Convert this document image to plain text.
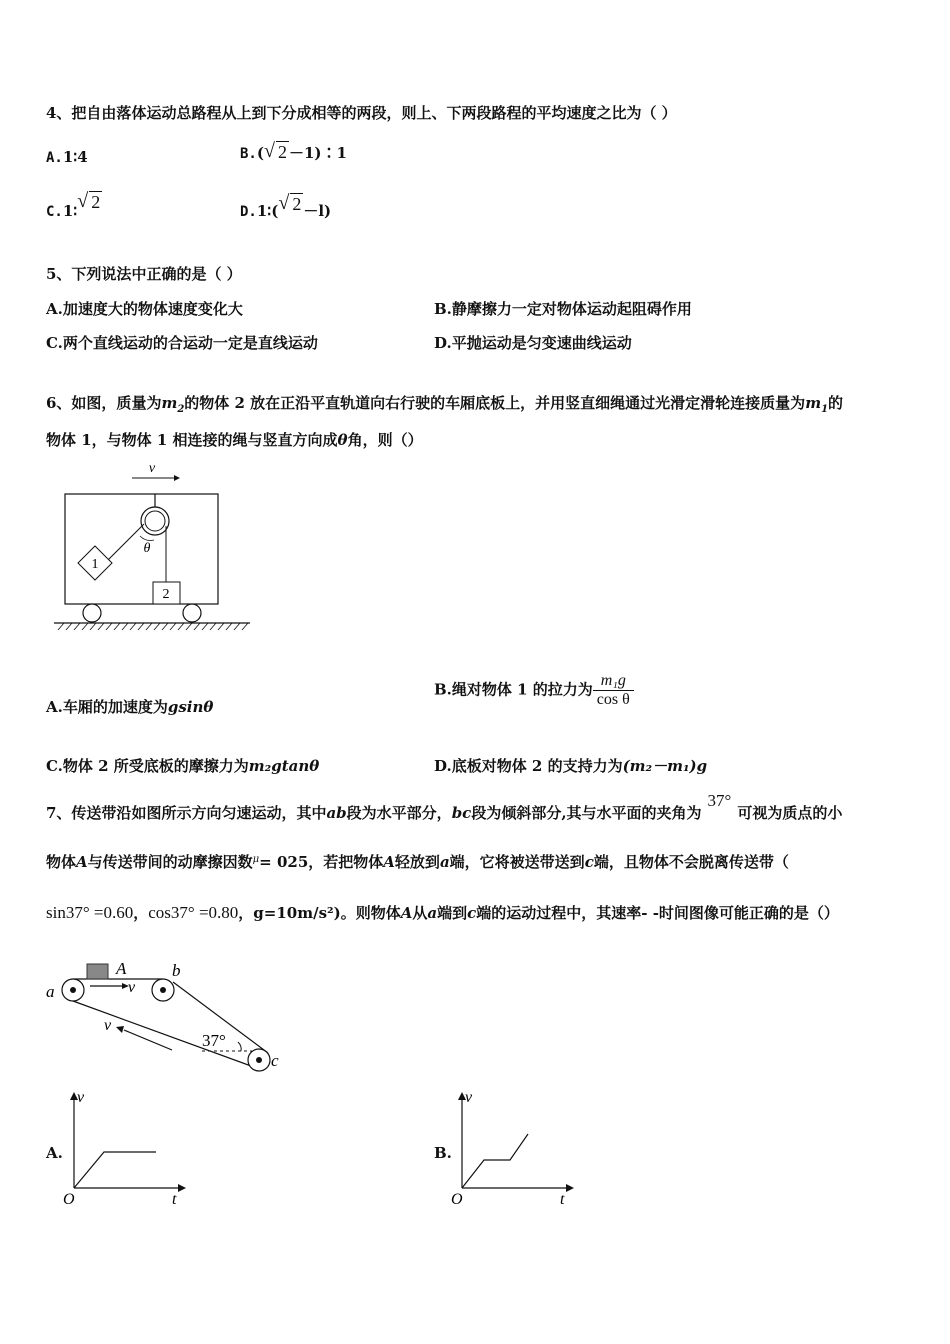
4、把自由落体运动总路程从上到下分成相等的两段，则上、下两段路程的平均速度之比为（ ）
A.1∶4	B.( √ 2 －1)∶1
C.1∶ √ 2	D.1∶( √ 2 －l)
5、下列说法中正确的是（ ）
A.加速度大的物体速度变化大	B.静摩擦力一定对物体运动起阻碍作用
C.两个直线运动的合运动一定是直线运动	D.平抛运动是匀变速曲线运动
6、如图，质量为$m_2$的物体 2 放在正沿平直轨道向右行驶的车厢底板上，并用竖直细绳通过光滑定滑轮连接质量为$m_1$的
物体 1，与物体 1 相连接的绳与竖直方向成θ角，则（）
v
θ
1
2
A.车厢的加速度为gsinθ
B.绳对物体 1 的拉力为 $\frac{\text{m₁g}}{\text{cos θ}}$
C.物体 2 所受底板的摩擦力为m₂gtanθ	D.底板对物体 2 的支持力为(m₂－m₁)g
7、传送带沿如图所示方向匀速运动，其中ab段为水平部分，bc段为倾斜部分,其与水平面的夹角为37°可视为质点的小
物体A与传送带间的动摩擦因数$^\mu$= 025，若把物体A轻放到a端，它将被送带送到c端，且物体不会脱离传送带（
sin37° =0.60，cos37° =0.80，g=10m/s²)。则物体A从a端到c端的运动过程中，其速率- -时间图像可能正确的是（）
A
a
b
c
v
v
37°
A.
v
t
O
B.
v
t
O
